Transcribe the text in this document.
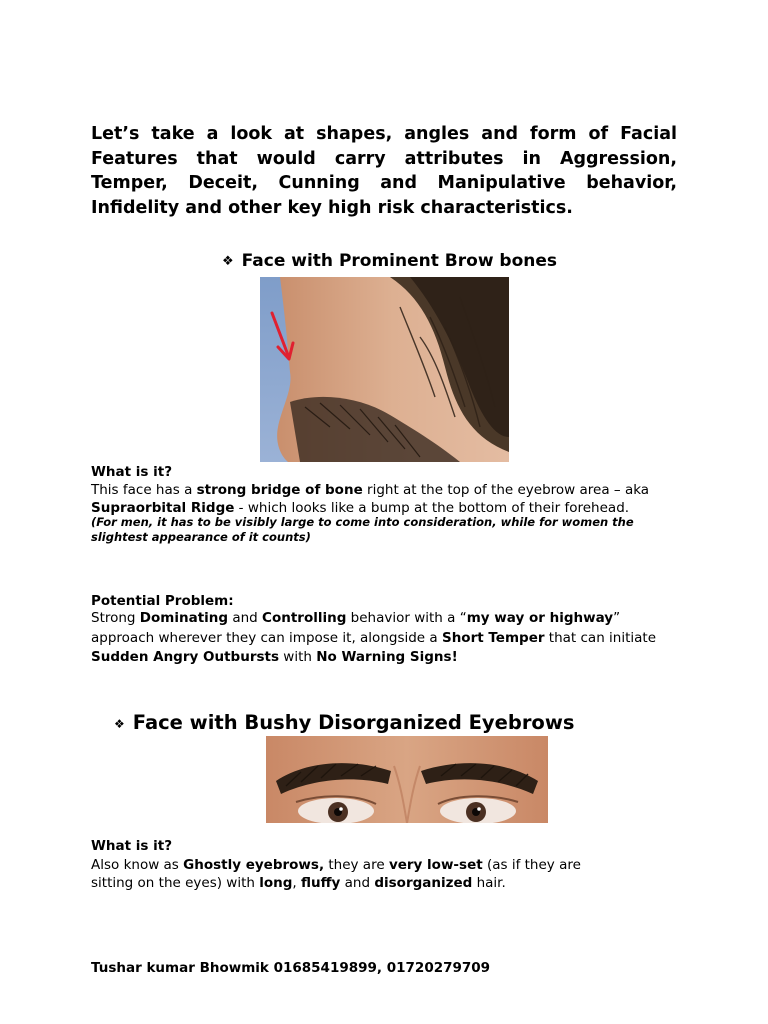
Let’s take a look at shapes, angles and form of Facial
Features that would carry attributes in Aggression,
Temper, Deceit, Cunning and Manipulative behavior,
Infidelity and other key high risk characteristics.
❖ Face with Prominent Brow bones
What is it?
This face has a strong bridge of bone right at the top of the eyebrow area – aka
Supraorbital Ridge - which looks like a bump at the bottom of their forehead.
(For men, it has to be visibly large to come into consideration, while for women the
slightest appearance of it counts)
Potential Problem:
Strong Dominating and Controlling behavior with a “my way or highway”
approach wherever they can impose it, alongside a Short Temper that can initiate
Sudden Angry Outbursts with No Warning Signs!
❖ Face with Bushy Disorganized Eyebrows
What is it?
Also know as Ghostly eyebrows, they are very low-set (as if they are
sitting on the eyes) with long, fluffy and disorganized hair.
Tushar kumar Bhowmik 01685419899, 01720279709
